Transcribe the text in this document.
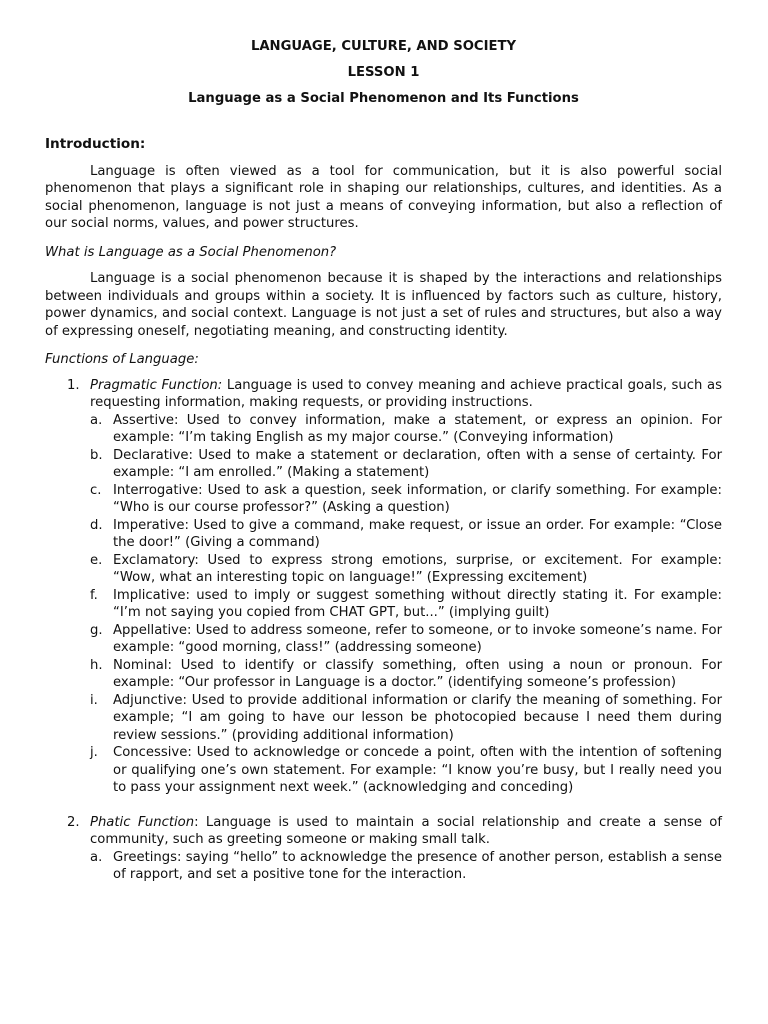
LANGUAGE, CULTURE, AND SOCIETY
LESSON 1
Language as a Social Phenomenon and Its Functions
Introduction:

Language is often viewed as a tool for communication, but it is also powerful social phenomenon that plays a significant role in shaping our relationships, cultures, and identities. As a social phenomenon, language is not just a means of conveying information, but also a reflection of our social norms, values, and power structures.

What is Language as a Social Phenomenon?

Language is a social phenomenon because it is shaped by the interactions and relationships between individuals and groups within a society. It is influenced by factors such as culture, history, power dynamics, and social context. Language is not just a set of rules and structures, but also a way of expressing oneself, negotiating meaning, and constructing identity.

Functions of Language:

1. Pragmatic Function: Language is used to convey meaning and achieve practical goals, such as requesting information, making requests, or providing instructions.
a. Assertive: Used to convey information, make a statement, or express an opinion. For example: “I’m taking English as my major course.” (Conveying information)
b. Declarative: Used to make a statement or declaration, often with a sense of certainty. For example: “I am enrolled.” (Making a statement)
c. Interrogative: Used to ask a question, seek information, or clarify something. For example: “Who is our course professor?” (Asking a question)
d. Imperative: Used to give a command, make request, or issue an order. For example: “Close the door!” (Giving a command)
e. Exclamatory: Used to express strong emotions, surprise, or excitement. For example: “Wow, what an interesting topic on language!” (Expressing excitement)
f. Implicative: used to imply or suggest something without directly stating it. For example: “I’m not saying you copied from CHAT GPT, but...” (implying guilt)
g. Appellative: Used to address someone, refer to someone, or to invoke someone’s name. For example: “good morning, class!” (addressing someone)
h. Nominal: Used to identify or classify something, often using a noun or pronoun. For example: “Our professor in Language is a doctor.” (identifying someone’s profession)
i. Adjunctive: Used to provide additional information or clarify the meaning of something. For example; “I am going to have our lesson be photocopied because I need them during review sessions.” (providing additional information)
j. Concessive: Used to acknowledge or concede a point, often with the intention of softening or qualifying one’s own statement. For example: “I know you’re busy, but I really need you to pass your assignment next week.” (acknowledging and conceding)
2. Phatic Function: Language is used to maintain a social relationship and create a sense of community, such as greeting someone or making small talk.
a. Greetings: saying “hello” to acknowledge the presence of another person, establish a sense of rapport, and set a positive tone for the interaction.
